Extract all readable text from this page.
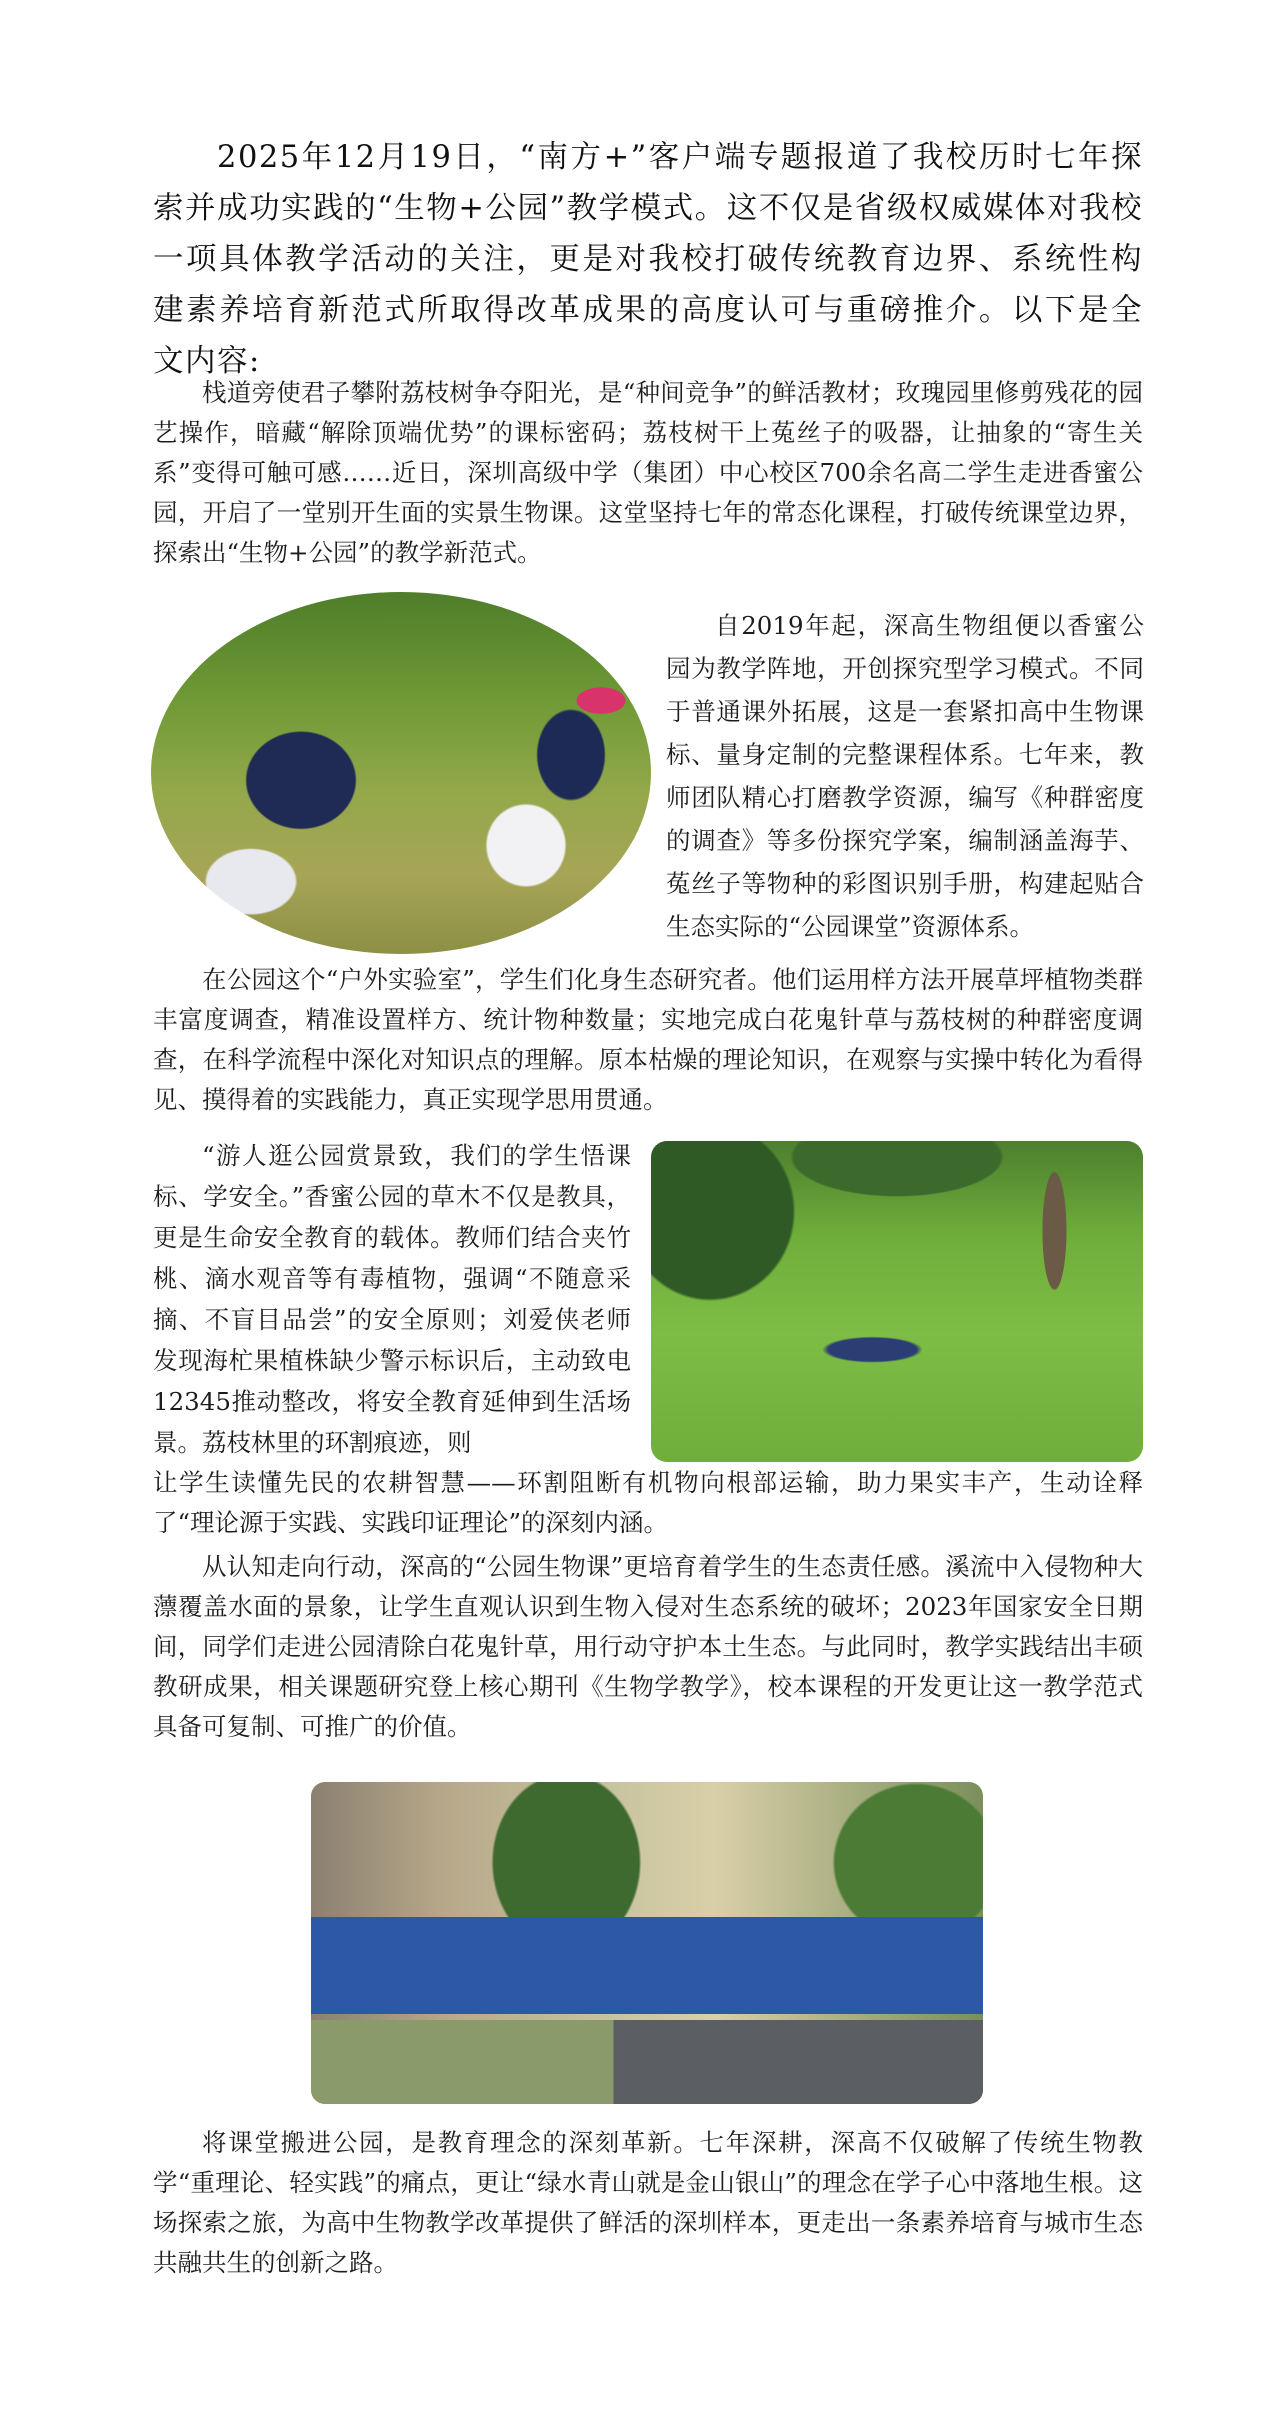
2025年12月19日，“南方+”客户端专题报道了我校历时七年探索并成功实践的“生物+公园”教学模式。这不仅是省级权威媒体对我校一项具体教学活动的关注，更是对我校打破传统教育边界、系统性构建素养培育新范式所取得改革成果的高度认可与重磅推介。以下是全文内容:
栈道旁使君子攀附荔枝树争夺阳光，是“种间竞争”的鲜活教材；玫瑰园里修剪残花的园艺操作，暗藏“解除顶端优势”的课标密码；荔枝树干上菟丝子的吸器，让抽象的“寄生关系”变得可触可感……近日，深圳高级中学（集团）中心校区700余名高二学生走进香蜜公园，开启了一堂别开生面的实景生物课。这堂坚持七年的常态化课程，打破传统课堂边界，探索出“生物+公园”的教学新范式。
自2019年起，深高生物组便以香蜜公园为教学阵地，开创探究型学习模式。不同于普通课外拓展，这是一套紧扣高中生物课标、量身定制的完整课程体系。七年来，教师团队精心打磨教学资源，编写《种群密度的调查》等多份探究学案，编制涵盖海芋、菟丝子等物种的彩图识别手册，构建起贴合生态实际的“公园课堂”资源体系。
在公园这个“户外实验室”，学生们化身生态研究者。他们运用样方法开展草坪植物类群丰富度调查，精准设置样方、统计物种数量；实地完成白花鬼针草与荔枝树的种群密度调查，在科学流程中深化对知识点的理解。原本枯燥的理论知识，在观察与实操中转化为看得见、摸得着的实践能力，真正实现学思用贯通。
“游人逛公园赏景致，我们的学生悟课标、学安全。”香蜜公园的草木不仅是教具，更是生命安全教育的载体。教师们结合夹竹桃、滴水观音等有毒植物，强调“不随意采摘、不盲目品尝”的安全原则；刘爱侠老师发现海杧果植株缺少警示标识后，主动致电12345推动整改，将安全教育延伸到生活场景。荔枝林里的环割痕迹，则
让学生读懂先民的农耕智慧——环割阻断有机物向根部运输，助力果实丰产，生动诠释了“理论源于实践、实践印证理论”的深刻内涵。
从认知走向行动，深高的“公园生物课”更培育着学生的生态责任感。溪流中入侵物种大薸覆盖水面的景象，让学生直观认识到生物入侵对生态系统的破坏；2023年国家安全日期间，同学们走进公园清除白花鬼针草，用行动守护本土生态。与此同时，教学实践结出丰硕教研成果，相关课题研究登上核心期刊《生物学教学》，校本课程的开发更让这一教学范式具备可复制、可推广的价值。
将课堂搬进公园，是教育理念的深刻革新。七年深耕，深高不仅破解了传统生物教学“重理论、轻实践”的痛点，更让“绿水青山就是金山银山”的理念在学子心中落地生根。这场探索之旅，为高中生物教学改革提供了鲜活的深圳样本，更走出一条素养培育与城市生态共融共生的创新之路。
